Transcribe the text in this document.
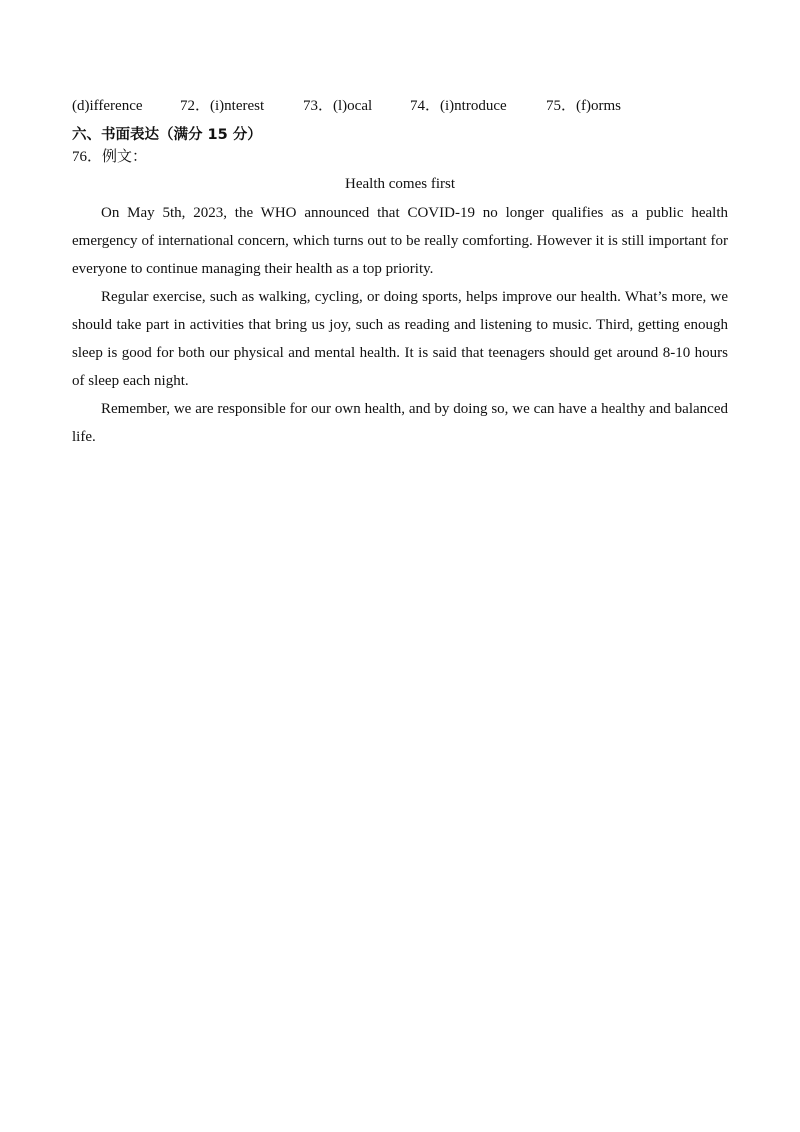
(d)ifference 72．(i)nterest	73．(l)ocal	74．(i)ntroduce	75．(f)orms
六、书面表达（满分 15 分）
76．例文：
Health comes first

On May 5th, 2023, the WHO announced that COVID-19 no longer qualifies as a public health emergency of international concern, which turns out to be really comforting. However it is still important for everyone to continue managing their health as a top priority.

Regular exercise, such as walking, cycling, or doing sports, helps improve our health. What’s more, we should take part in activities that bring us joy, such as reading and listening to music. Third, getting enough sleep is good for both our physical and mental health. It is said that teenagers should get around 8-10 hours of sleep each night.

Remember, we are responsible for our own health, and by doing so, we can have a healthy and balanced life.
